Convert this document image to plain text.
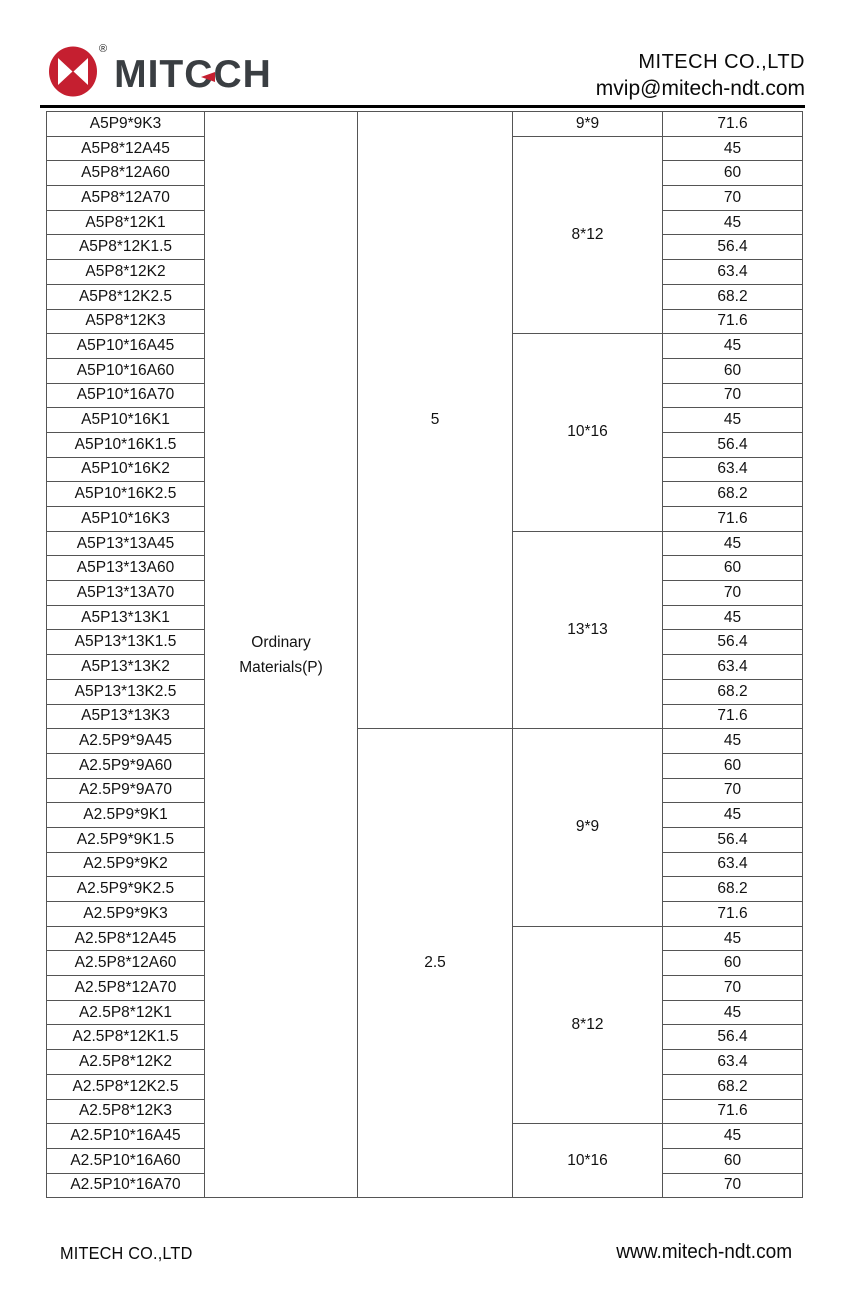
®
MITCCH	MITECH CO.,LTD
mvip@mitech-ndt.com
A5P9*9K3	Ordinary Materials(P)	5	9*9	71.6
A5P8*12A45			8*12	45
A5P8*12A60				60
A5P8*12A70				70
A5P8*12K1				45
A5P8*12K1.5				56.4
A5P8*12K2				63.4
A5P8*12K2.5				68.2
A5P8*12K3				71.6
A5P10*16A45			10*16	45
A5P10*16A60				60
A5P10*16A70				70
A5P10*16K1				45
A5P10*16K1.5				56.4
A5P10*16K2				63.4
A5P10*16K2.5				68.2
A5P10*16K3				71.6
A5P13*13A45			13*13	45
A5P13*13A60				60
A5P13*13A70				70
A5P13*13K1				45
A5P13*13K1.5				56.4
A5P13*13K2				63.4
A5P13*13K2.5				68.2
A5P13*13K3				71.6
A2.5P9*9A45		2.5	9*9	45
A2.5P9*9A60				60
A2.5P9*9A70				70
A2.5P9*9K1				45
A2.5P9*9K1.5				56.4
A2.5P9*9K2				63.4
A2.5P9*9K2.5				68.2
A2.5P9*9K3				71.6
A2.5P8*12A45			8*12	45
A2.5P8*12A60				60
A2.5P8*12A70				70
A2.5P8*12K1				45
A2.5P8*12K1.5				56.4
A2.5P8*12K2				63.4
A2.5P8*12K2.5				68.2
A2.5P8*12K3				71.6
A2.5P10*16A45			10*16	45
A2.5P10*16A60				60
A2.5P10*16A70				70
MITECH CO.,LTD	www.mitech-ndt.com
